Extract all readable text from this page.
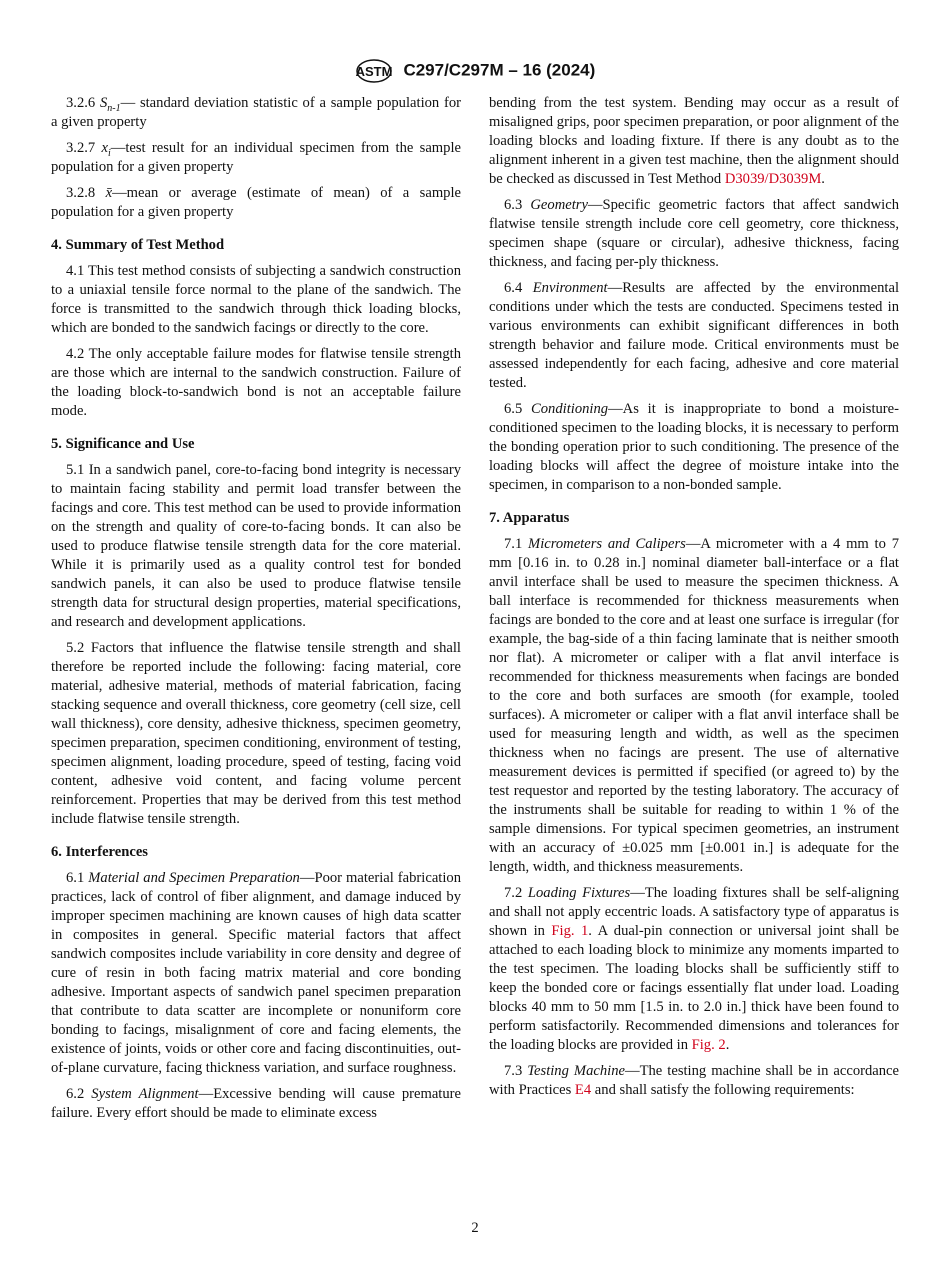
ASTM C297/C297M – 16 (2024)
3.2.6 $S_{n-1}—$ standard deviation statistic of a sample population for a given property
3.2.7 $x_i—test$ result for an individual specimen from the sample population for a given property
3.2.8 x̄—mean or average (estimate of mean) of a sample population for a given property
4. Summary of Test Method
4.1 This test method consists of subjecting a sandwich construction to a uniaxial tensile force normal to the plane of the sandwich. The force is transmitted to the sandwich through thick loading blocks, which are bonded to the sandwich facings or directly to the core.
4.2 The only acceptable failure modes for flatwise tensile strength are those which are internal to the sandwich construction. Failure of the loading block-to-sandwich bond is not an acceptable failure mode.
5. Significance and Use
5.1 In a sandwich panel, core-to-facing bond integrity is necessary to maintain facing stability and permit load transfer between the facings and core. This test method can be used to provide information on the strength and quality of core-to-facing bonds. It can also be used to produce flatwise tensile strength data for the core material. While it is primarily used as a quality control test for bonded sandwich panels, it can also be used to produce flatwise tensile strength data for structural design properties, material specifications, and research and development applications.
5.2 Factors that influence the flatwise tensile strength and shall therefore be reported include the following: facing material, core material, adhesive material, methods of material fabrication, facing stacking sequence and overall thickness, core geometry (cell size, cell wall thickness), core density, adhesive thickness, specimen geometry, specimen preparation, specimen conditioning, environment of testing, specimen alignment, loading procedure, speed of testing, facing void content, adhesive void content, and facing volume percent reinforcement. Properties that may be derived from this test method include flatwise tensile strength.
6. Interferences
6.1 Material and Specimen Preparation—Poor material fabrication practices, lack of control of fiber alignment, and damage induced by improper specimen machining are known causes of high data scatter in composites in general. Specific material factors that affect sandwich composites include variability in core density and degree of cure of resin in both facing matrix material and core bonding adhesive. Important aspects of sandwich panel specimen preparation that contribute to data scatter are incomplete or nonuniform core bonding to facings, misalignment of core and facing elements, the existence of joints, voids or other core and facing discontinuities, out-of-plane curvature, facing thickness variation, and surface roughness.
6.2 System Alignment—Excessive bending will cause premature failure. Every effort should be made to eliminate excess
bending from the test system. Bending may occur as a result of misaligned grips, poor specimen preparation, or poor alignment of the loading blocks and loading fixture. If there is any doubt as to the alignment inherent in a given test machine, then the alignment should be checked as discussed in Test Method D3039/D3039M.
6.3 Geometry—Specific geometric factors that affect sandwich flatwise tensile strength include core cell geometry, core thickness, specimen shape (square or circular), adhesive thickness, facing thickness, and facing per-ply thickness.
6.4 Environment—Results are affected by the environmental conditions under which the tests are conducted. Specimens tested in various environments can exhibit significant differences in both strength behavior and failure mode. Critical environments must be assessed independently for each facing, adhesive and core material tested.
6.5 Conditioning—As it is inappropriate to bond a moisture-conditioned specimen to the loading blocks, it is necessary to perform the bonding operation prior to such conditioning. The presence of the loading blocks will affect the degree of moisture intake into the specimen, in comparison to a non-bonded sample.
7. Apparatus
7.1 Micrometers and Calipers—A micrometer with a 4 mm to 7 mm [0.16 in. to 0.28 in.] nominal diameter ball-interface or a flat anvil interface shall be used to measure the specimen thickness. A ball interface is recommended for thickness measurements when facings are bonded to the core and at least one surface is irregular (for example, the bag-side of a thin facing laminate that is neither smooth nor flat). A micrometer or caliper with a flat anvil interface is recommended for thickness measurements when facings are bonded to the core and both surfaces are smooth (for example, tooled surfaces). A micrometer or caliper with a flat anvil interface shall be used for measuring length and width, as well as the specimen thickness when no facings are present. The use of alternative measurement devices is permitted if specified (or agreed to) by the test requestor and reported by the testing laboratory. The accuracy of the instruments shall be suitable for reading to within 1 % of the sample dimensions. For typical specimen geometries, an instrument with an accuracy of ±0.025 mm [±0.001 in.] is adequate for the length, width, and thickness measurements.
7.2 Loading Fixtures—The loading fixtures shall be self-aligning and shall not apply eccentric loads. A satisfactory type of apparatus is shown in Fig. 1. A dual-pin connection or universal joint shall be attached to each loading block to minimize any moments imparted to the test specimen. The loading blocks shall be sufficiently stiff to keep the bonded core or facings essentially flat under load. Loading blocks 40 mm to 50 mm [1.5 in. to 2.0 in.] thick have been found to perform satisfactorily. Recommended dimensions and tolerances for the loading blocks are provided in Fig. 2.
7.3 Testing Machine—The testing machine shall be in accordance with Practices E4 and shall satisfy the following requirements:
2
